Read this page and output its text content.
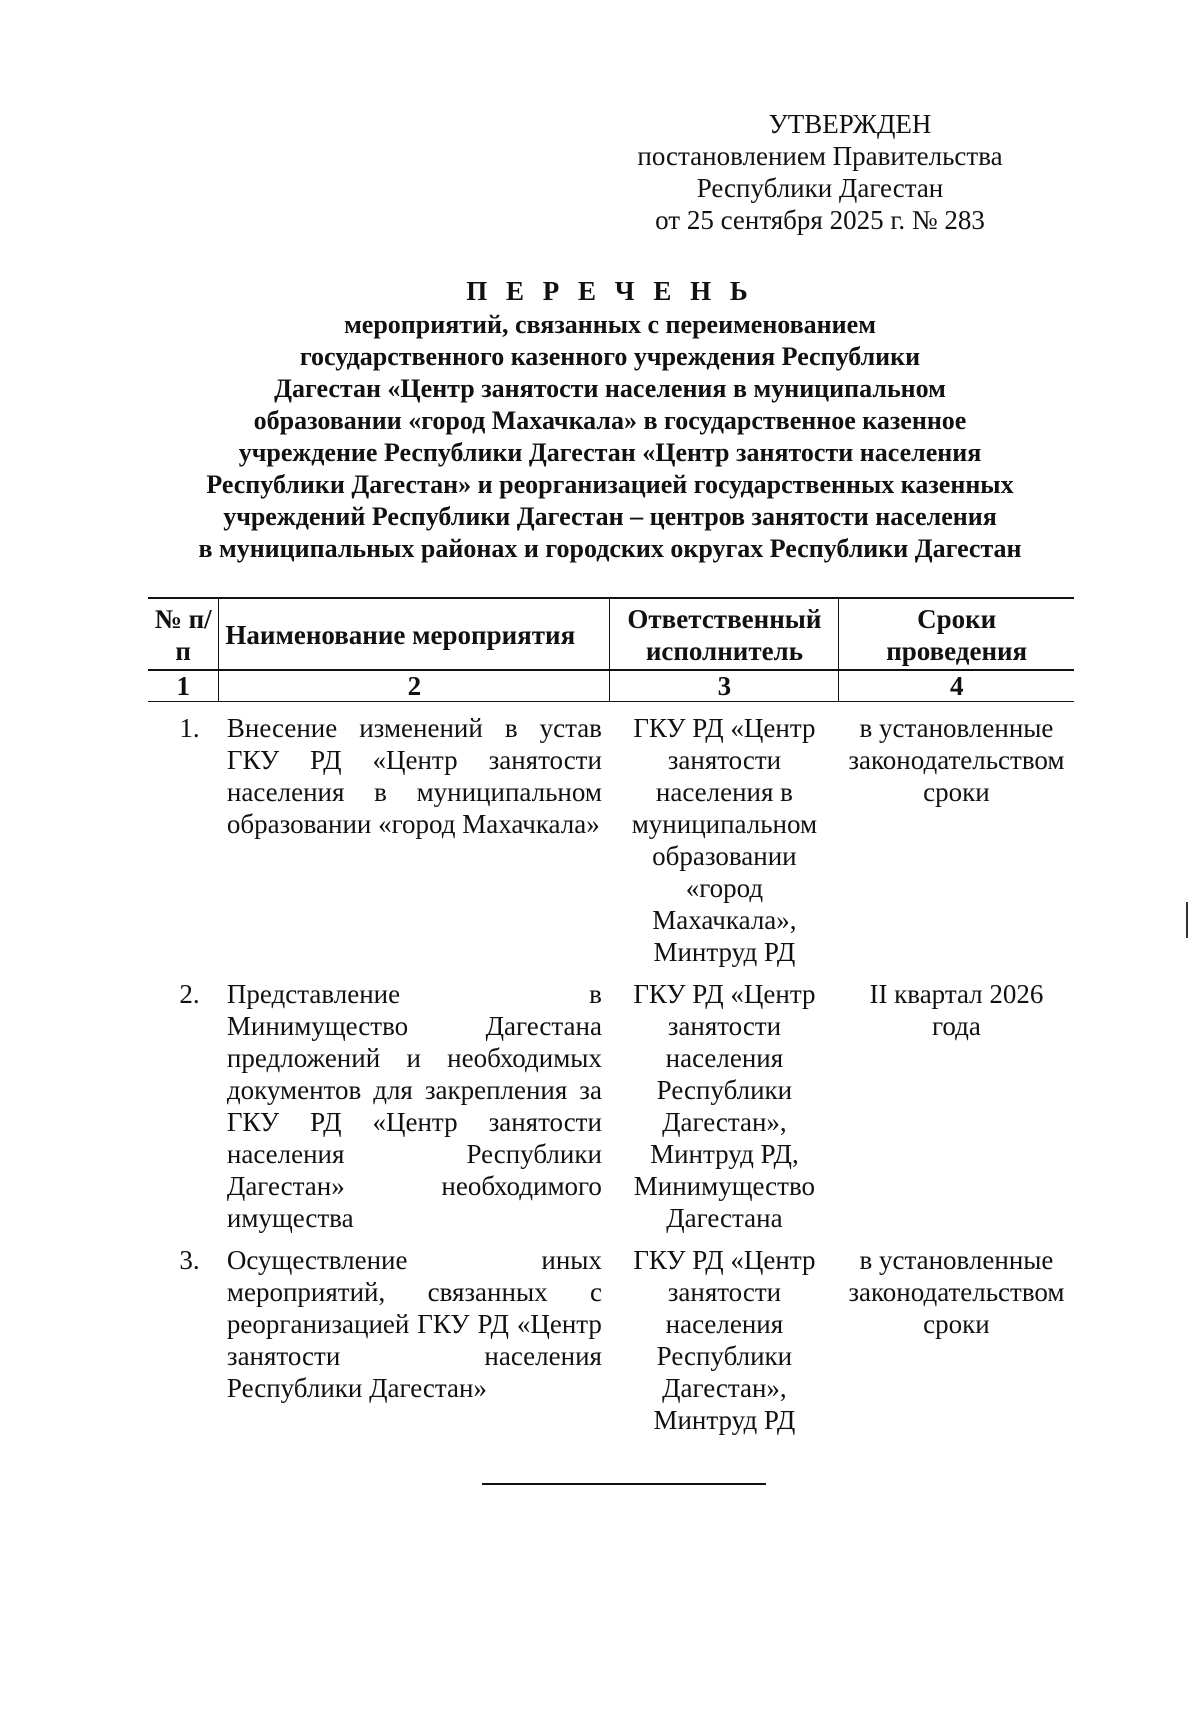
УТВЕРЖДЕН
постановлением Правительства
Республики Дагестан
от 25 сентября 2025 г. № 283
П Е Р Е Ч Е Н Ь
мероприятий, связанных с переименованием
государственного казенного учреждения Республики
Дагестан «Центр занятости населения в муниципальном
образовании «город Махачкала» в государственное казенное
учреждение Республики Дагестан «Центр занятости населения
Республики Дагестан» и реорганизацией государственных казенных
учреждений Республики Дагестан – центров занятости населения
в муниципальных районах и городских округах Республики Дагестан
№ п/п	Наименование мероприятия	Ответственный исполнитель	Сроки проведения
1	2	3	4
1.	Внесение изменений в устав ГКУ РД «Центр занятости населения в муниципальном образовании «город Махачкала»	ГКУ РД «Центр занятости населения в муниципальном образовании «город Махачкала», Минтруд РД	в установленные законодательством сроки
2.	Представление в Минимущество Дагестана предложений и необходимых документов для закрепления за ГКУ РД «Центр занятости населения Республики Дагестан» необходимого имущества	ГКУ РД «Центр занятости населения Республики Дагестан», Минтруд РД, Минимущество Дагестана	II квартал 2026 года
3.	Осуществление иных мероприятий, связанных с реорганизацией ГКУ РД «Центр занятости населения Республики Дагестан»	ГКУ РД «Центр занятости населения Республики Дагестан», Минтруд РД	в установленные законодательством сроки
